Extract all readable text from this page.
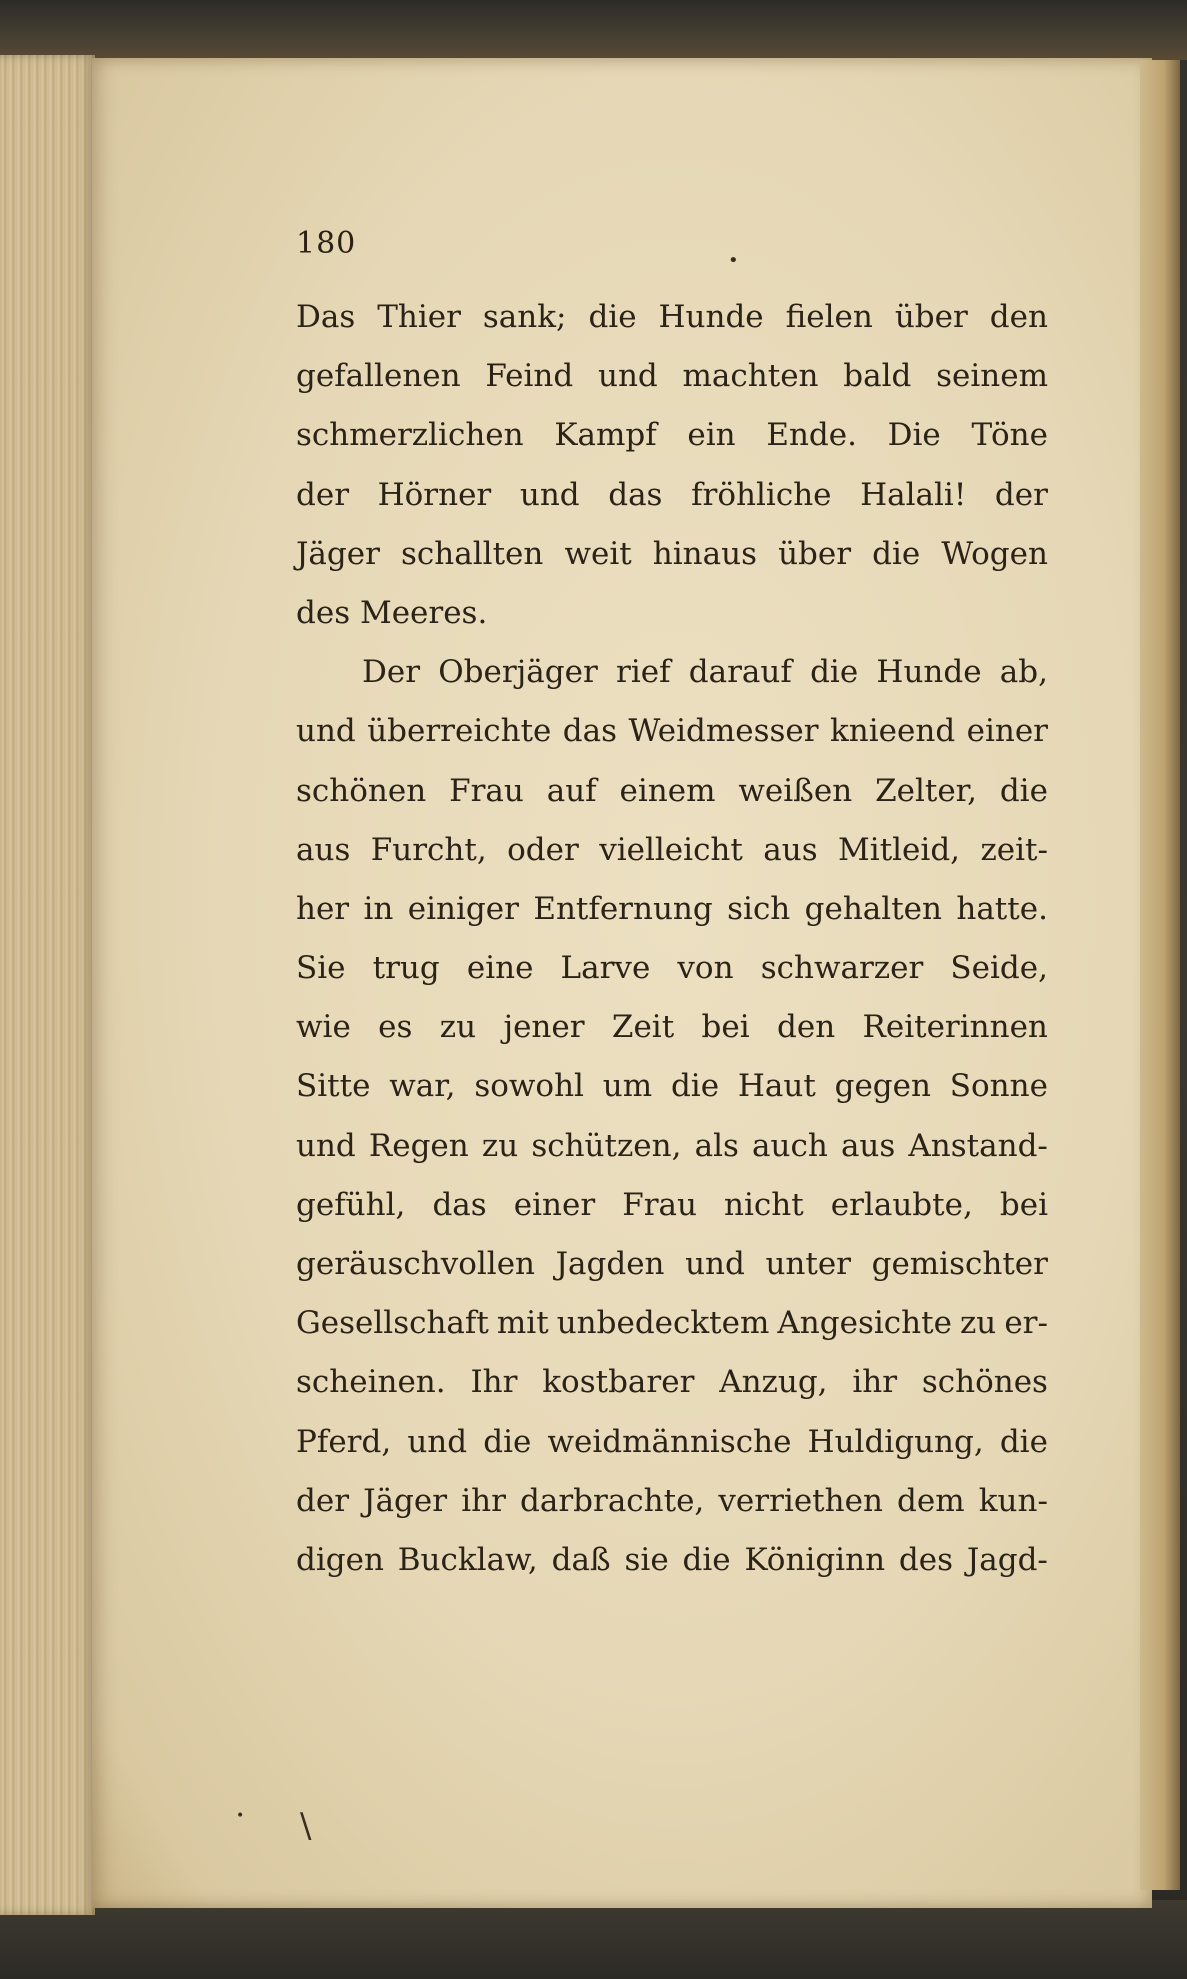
180
Das Thier sank; die Hunde fielen über den
gefallenen Feind und machten bald seinem
schmerzlichen Kampf ein Ende. Die Töne
der Hörner und das fröhliche Halali! der
Jäger schallten weit hinaus über die Wogen
des Meeres.
Der Oberjäger rief darauf die Hunde ab,
und überreichte das Weidmesser knieend einer
schönen Frau auf einem weißen Zelter, die
aus Furcht, oder vielleicht aus Mitleid, zeit-
her in einiger Entfernung sich gehalten hatte.
Sie trug eine Larve von schwarzer Seide,
wie es zu jener Zeit bei den Reiterinnen
Sitte war, sowohl um die Haut gegen Sonne
und Regen zu schützen, als auch aus Anstand-
gefühl, das einer Frau nicht erlaubte, bei
geräuschvollen Jagden und unter gemischter
Gesellschaft mit unbedecktem Angesichte zu er-
scheinen. Ihr kostbarer Anzug, ihr schönes
Pferd, und die weidmännische Huldigung, die
der Jäger ihr darbrachte, verriethen dem kun-
digen Bucklaw, daß sie die Königinn des Jagd-
•
\
•
